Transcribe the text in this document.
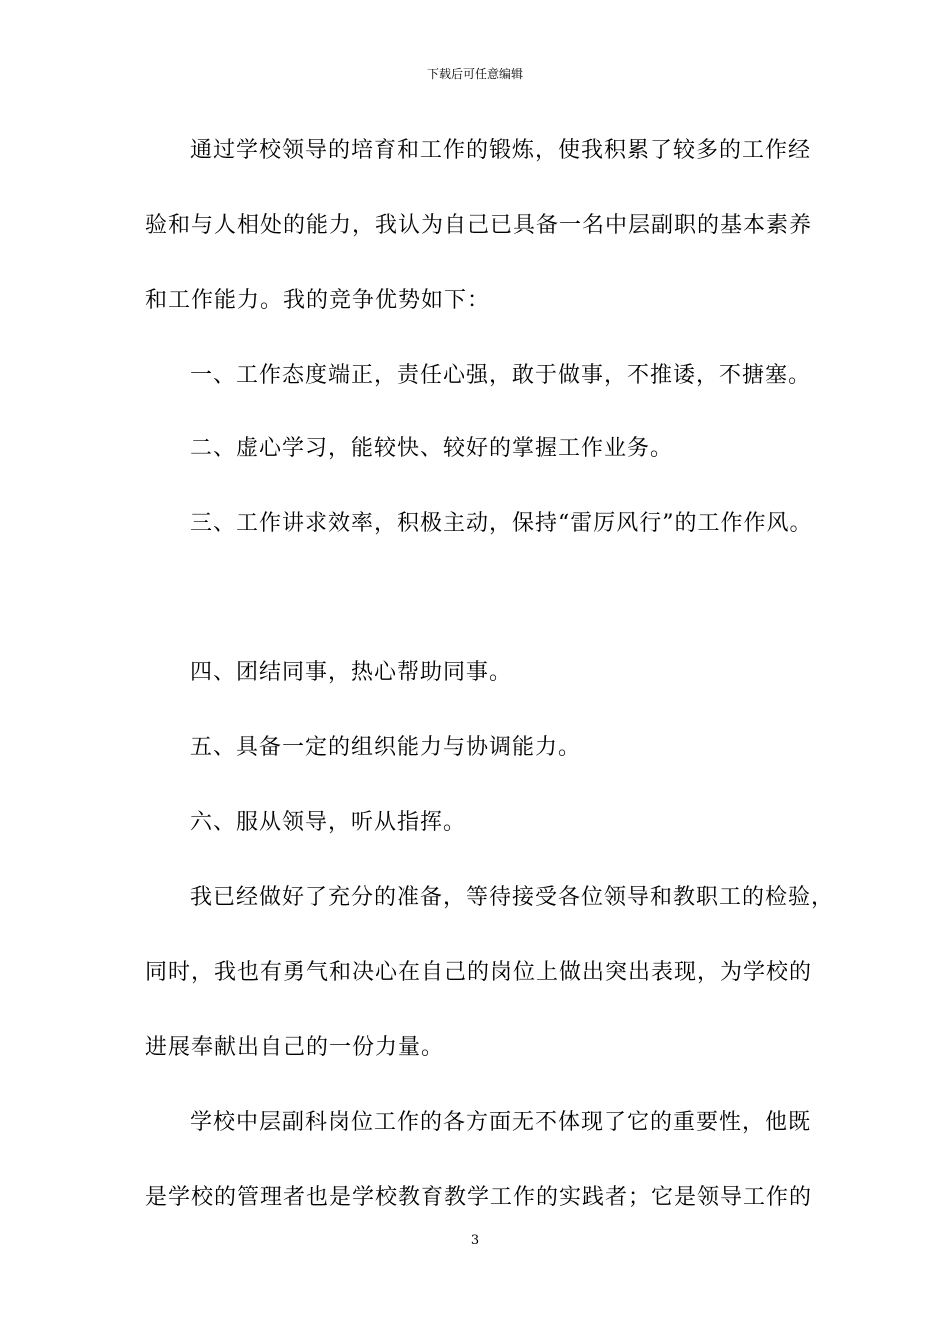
下载后可任意编辑
通过学校领导的培育和工作的锻炼，使我积累了较多的工作经
验和与人相处的能力，我认为自己已具备一名中层副职的基本素养
和工作能力。我的竞争优势如下：
一、工作态度端正，责任心强，敢于做事，不推诿，不搪塞。
二、虚心学习，能较快、较好的掌握工作业务。
三、工作讲求效率，积极主动，保持“雷厉风行”的工作作风。
四、团结同事，热心帮助同事。
五、具备一定的组织能力与协调能力。
六、服从领导，听从指挥。
我已经做好了充分的准备，等待接受各位领导和教职工的检验，
同时，我也有勇气和决心在自己的岗位上做出突出表现，为学校的
进展奉献出自己的一份力量。
学校中层副科岗位工作的各方面无不体现了它的重要性，他既
是学校的管理者也是学校教育教学工作的实践者；它是领导工作的
3
